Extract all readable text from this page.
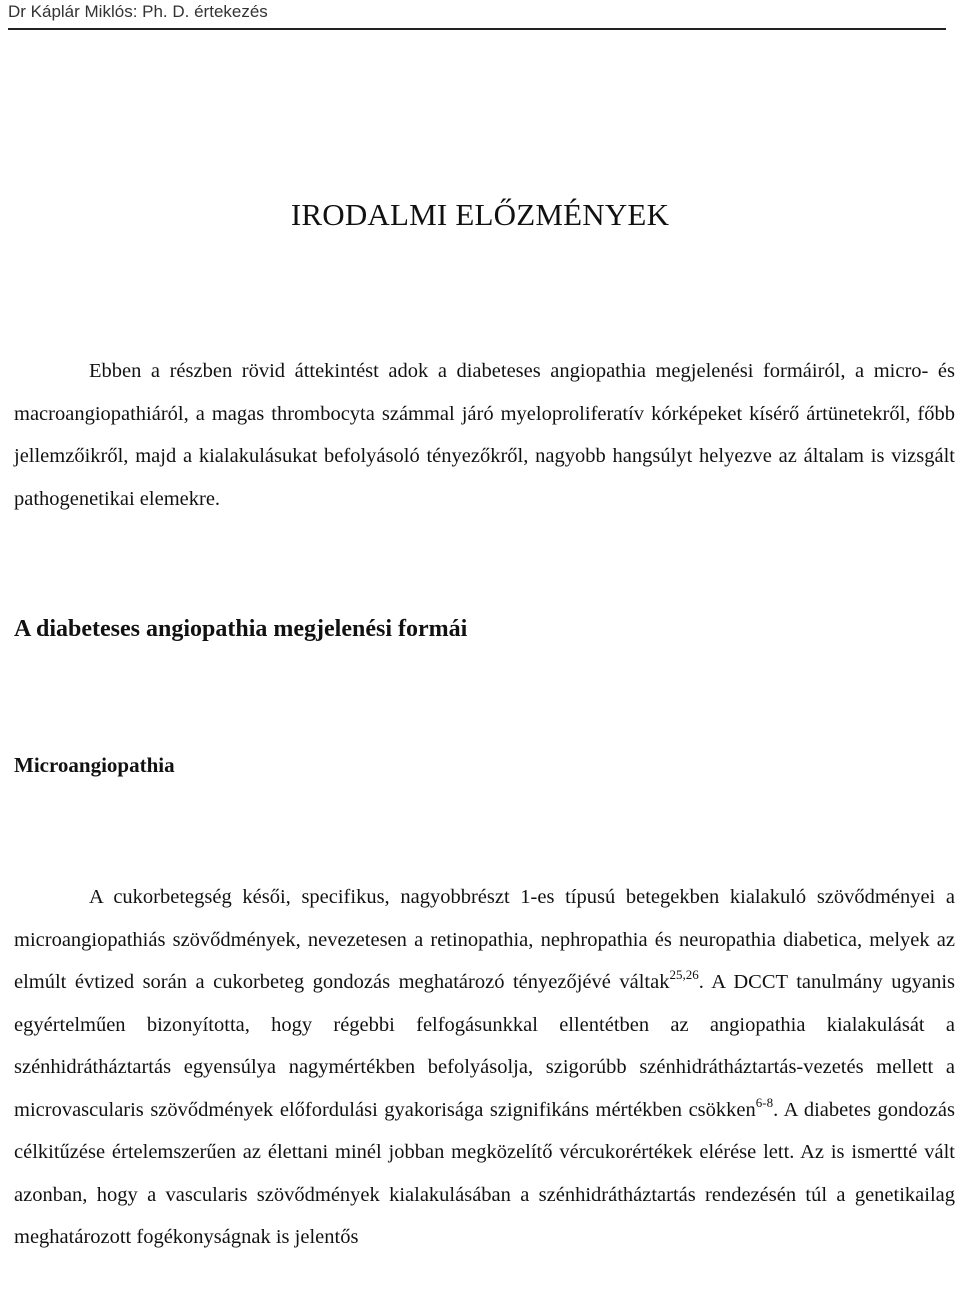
Dr Káplár Miklós: Ph. D. értekezés
IRODALMI ELŐZMÉNYEK

Ebben a részben rövid áttekintést adok a diabeteses angiopathia megjelenési formáiról, a micro- és macroangiopathiáról, a magas thrombocyta számmal járó myeloproliferatív kórképeket kísérő ártünetekről, főbb jellemzőikről, majd a kialakulásukat befolyásoló tényezőkről, nagyobb hangsúlyt helyezve az általam is vizsgált pathogenetikai elemekre.

A diabeteses angiopathia megjelenési formái
Microangiopathia

A cukorbetegség késői, specifikus, nagyobbrészt 1-es típusú betegekben kialakuló szövődményei a microangiopathiás szövődmények, nevezetesen a retinopathia, nephropathia és neuropathia diabetica, melyek az elmúlt évtized során a cukorbeteg gondozás meghatározó tényezőjévé váltak$^{25,26}$. A DCCT tanulmány ugyanis egyértelműen bizonyította, hogy régebbi felfogásunkkal ellentétben az angiopathia kialakulását a szénhidrátháztartás egyensúlya nagymértékben befolyásolja, szigorúbb szénhidrátháztartás-vezetés mellett a microvascularis szövődmények előfordulási gyakorisága szignifikáns mértékben csökken$^{6-8}$. A diabetes gondozás célkitűzése értelemszerűen az élettani minél jobban megközelítő vércukorértékek elérése lett. Az is ismertté vált azonban, hogy a vascularis szövődmények kialakulásában a szénhidrátháztartás rendezésén túl a genetikailag meghatározott fogékonyságnak is jelentős
